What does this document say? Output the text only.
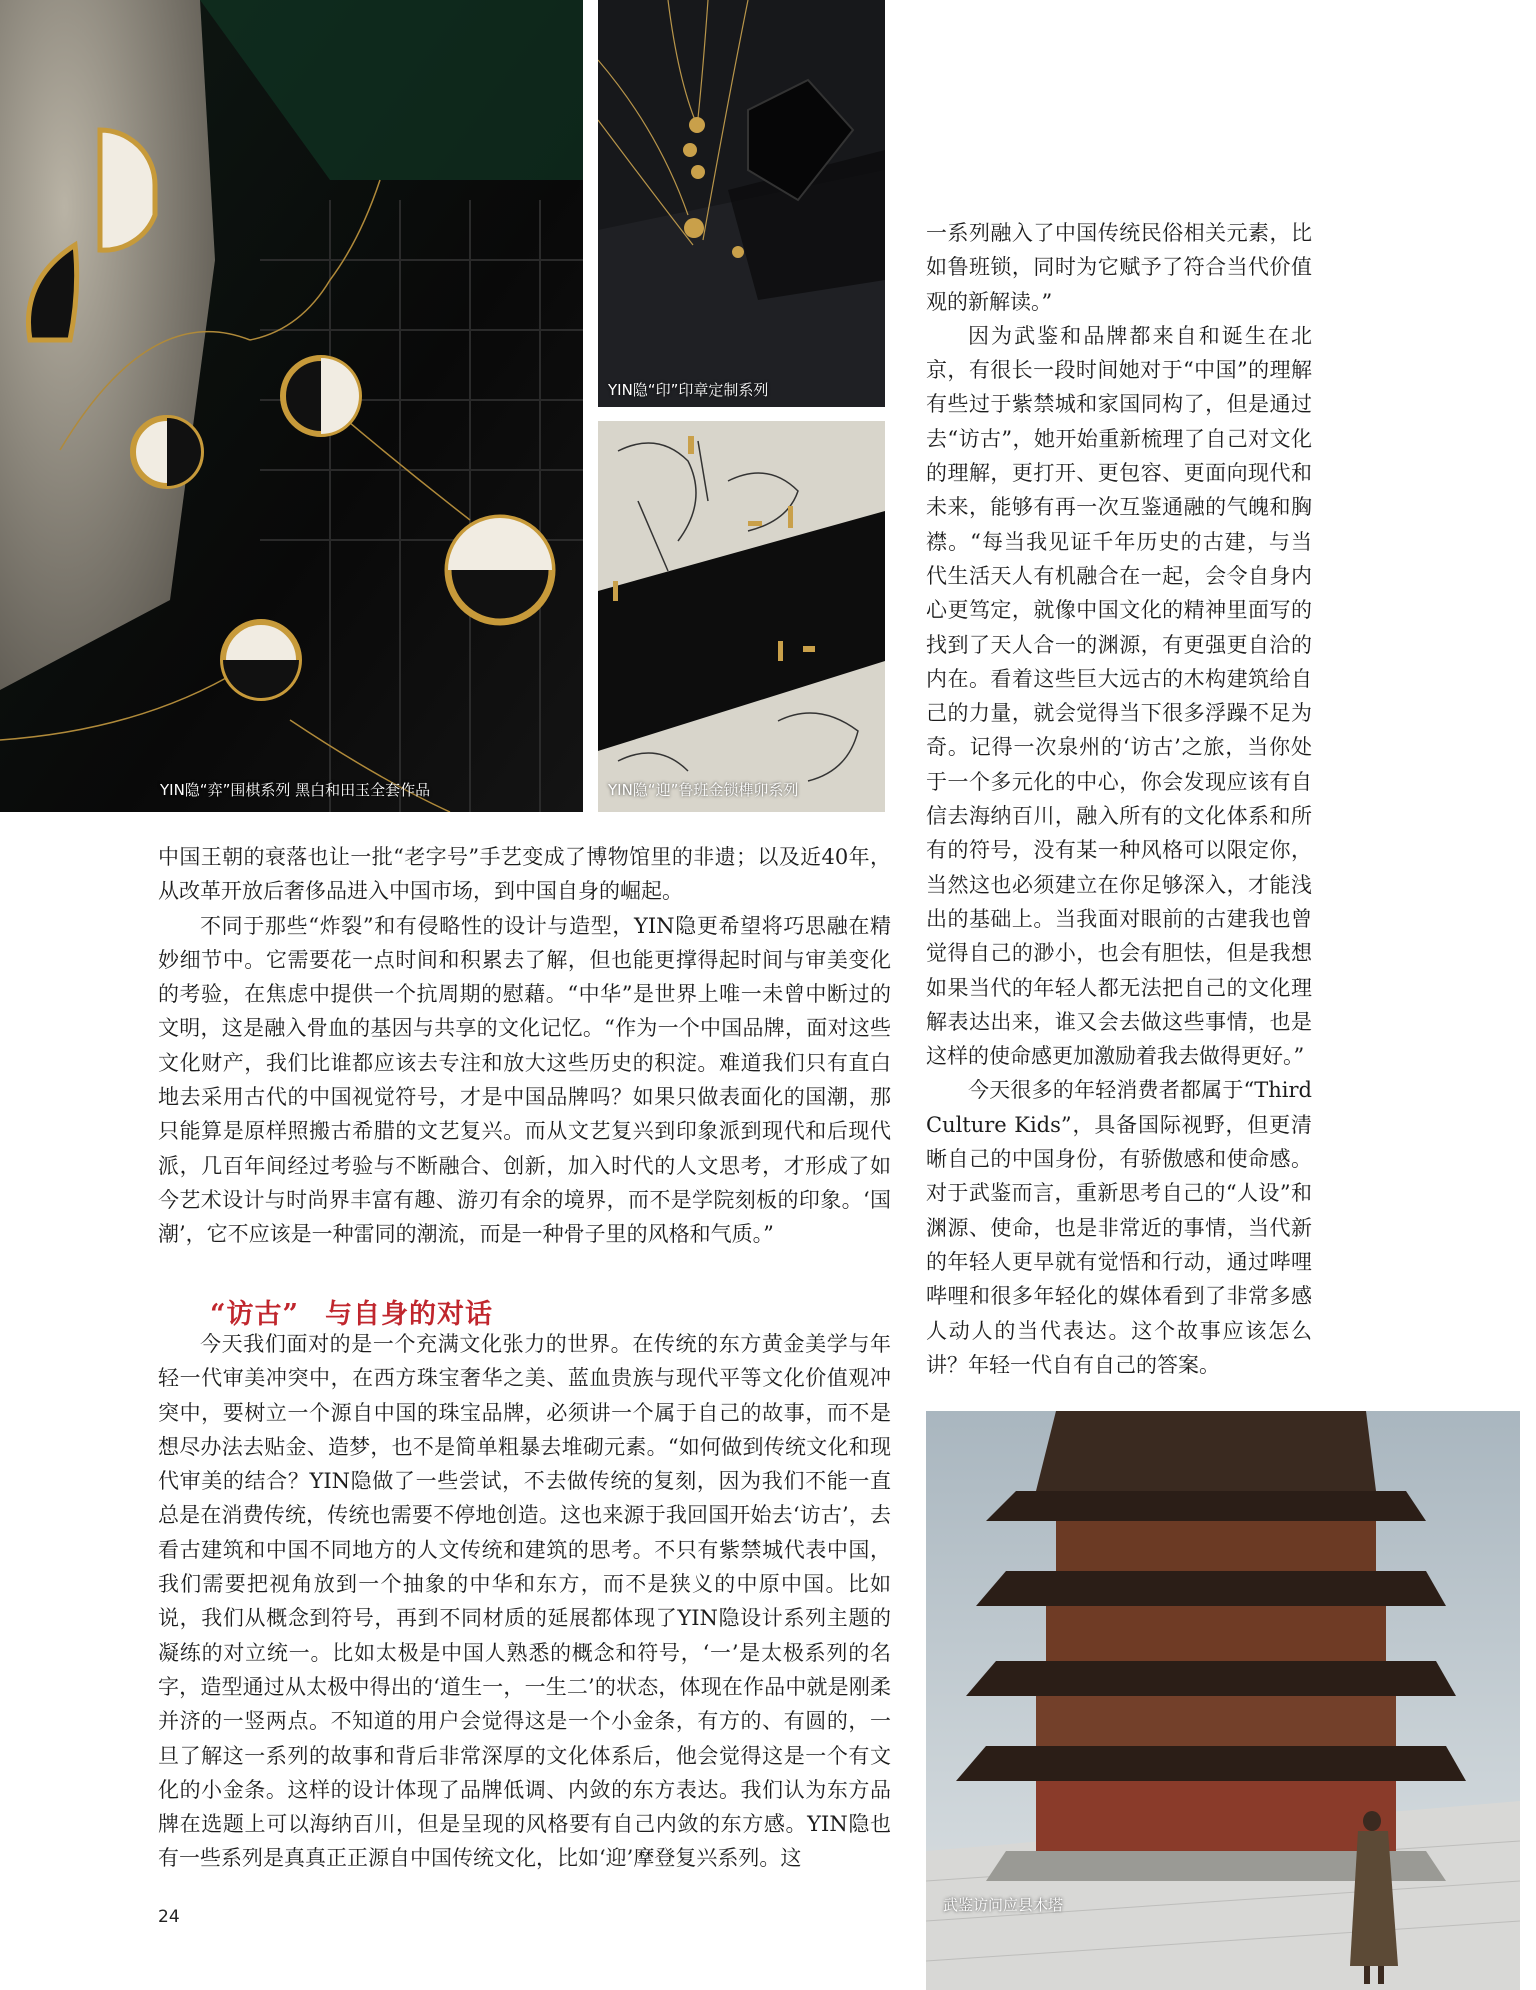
YIN隐“弈”围棋系列 黑白和田玉全套作品
YIN隐“印”印章定制系列
YIN隐“迎”鲁班金锁榫卯系列
武鉴访问应县木塔

一系列融入了中国传统民俗相关元素，比如鲁班锁，同时为它赋予了符合当代价值观的新解读。”

因为武鉴和品牌都来自和诞生在北京，有很长一段时间她对于“中国”的理解有些过于紫禁城和家国同构了，但是通过去“访古”，她开始重新梳理了自己对文化的理解，更打开、更包容、更面向现代和未来，能够有再一次互鉴通融的气魄和胸襟。“每当我见证千年历史的古建，与当代生活天人有机融合在一起，会令自身内心更笃定，就像中国文化的精神里面写的找到了天人合一的渊源，有更强更自洽的内在。看着这些巨大远古的木构建筑给自己的力量，就会觉得当下很多浮躁不足为奇。记得一次泉州的‘访古’之旅，当你处于一个多元化的中心，你会发现应该有自信去海纳百川，融入所有的文化体系和所有的符号，没有某一种风格可以限定你，当然这也必须建立在你足够深入，才能浅出的基础上。当我面对眼前的古建我也曾觉得自己的渺小，也会有胆怯，但是我想如果当代的年轻人都无法把自己的文化理解表达出来，谁又会去做这些事情，也是这样的使命感更加激励着我去做得更好。”

今天很多的年轻消费者都属于“Third Culture Kids”，具备国际视野，但更清晰自己的中国身份，有骄傲感和使命感。对于武鉴而言，重新思考自己的“人设”和渊源、使命，也是非常近的事情，当代新的年轻人更早就有觉悟和行动，通过哔哩哔哩和很多年轻化的媒体看到了非常多感人动人的当代表达。这个故事应该怎么讲？年轻一代自有自己的答案。

中国王朝的衰落也让一批“老字号”手艺变成了博物馆里的非遗；以及近40年，从改革开放后奢侈品进入中国市场，到中国自身的崛起。

不同于那些“炸裂”和有侵略性的设计与造型，YIN隐更希望将巧思融在精妙细节中。它需要花一点时间和积累去了解，但也能更撑得起时间与审美变化的考验，在焦虑中提供一个抗周期的慰藉。“中华”是世界上唯一未曾中断过的文明，这是融入骨血的基因与共享的文化记忆。“作为一个中国品牌，面对这些文化财产，我们比谁都应该去专注和放大这些历史的积淀。难道我们只有直白地去采用古代的中国视觉符号，才是中国品牌吗？如果只做表面化的国潮，那只能算是原样照搬古希腊的文艺复兴。而从文艺复兴到印象派到现代和后现代派，几百年间经过考验与不断融合、创新，加入时代的人文思考，才形成了如今艺术设计与时尚界丰富有趣、游刃有余的境界，而不是学院刻板的印象。‘国潮’，它不应该是一种雷同的潮流，而是一种骨子里的风格和气质。”

“访古” 与自身的对话

今天我们面对的是一个充满文化张力的世界。在传统的东方黄金美学与年轻一代审美冲突中，在西方珠宝奢华之美、蓝血贵族与现代平等文化价值观冲突中，要树立一个源自中国的珠宝品牌，必须讲一个属于自己的故事，而不是想尽办法去贴金、造梦，也不是简单粗暴去堆砌元素。“如何做到传统文化和现代审美的结合？YIN隐做了一些尝试，不去做传统的复刻，因为我们不能一直总是在消费传统，传统也需要不停地创造。这也来源于我回国开始去‘访古’，去看古建筑和中国不同地方的人文传统和建筑的思考。不只有紫禁城代表中国，我们需要把视角放到一个抽象的中华和东方，而不是狭义的中原中国。比如说，我们从概念到符号，再到不同材质的延展都体现了YIN隐设计系列主题的凝练的对立统一。比如太极是中国人熟悉的概念和符号，‘一’是太极系列的名字，造型通过从太极中得出的‘道生一，一生二’的状态，体现在作品中就是刚柔并济的一竖两点。不知道的用户会觉得这是一个小金条，有方的、有圆的，一旦了解这一系列的故事和背后非常深厚的文化体系后，他会觉得这是一个有文化的小金条。这样的设计体现了品牌低调、内敛的东方表达。我们认为东方品牌在选题上可以海纳百川，但是呈现的风格要有自己内敛的东方感。YIN隐也有一些系列是真真正正源自中国传统文化，比如‘迎’摩登复兴系列。这

24
